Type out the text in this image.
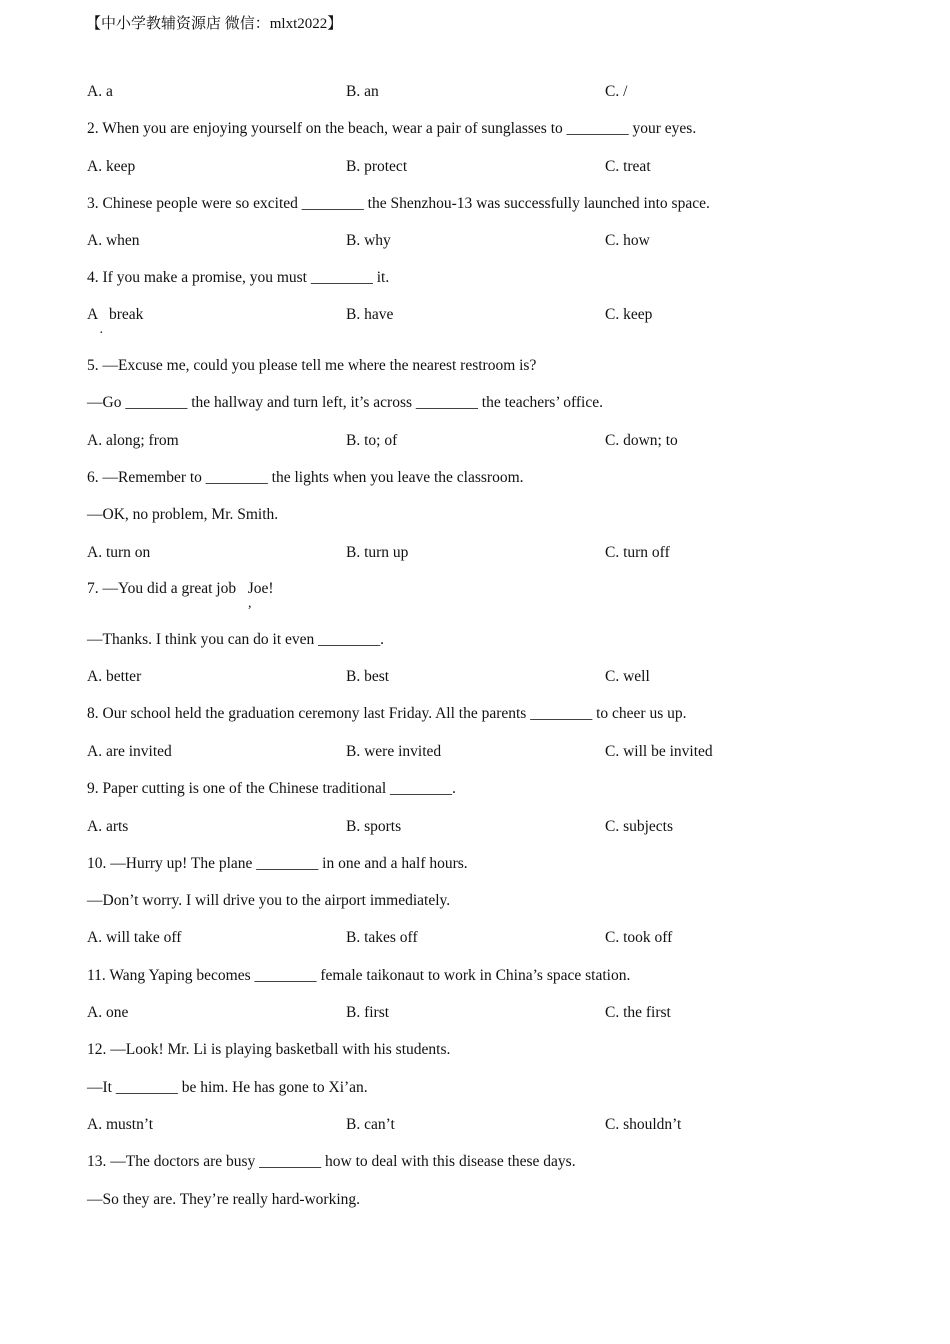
【中小学教辅资源店 微信：mlxt2022】
A. a	B. an	C. /
2. When you are enjoying yourself on the beach, wear a pair of sunglasses to ________ your eyes.
A. keep	B. protect	C. treat
3. Chinese people were so excited ________ the Shenzhou-13 was successfully launched into space.
A. when	B. why	C. how
4. If you make a promise, you must ________ it.
A   break	B. have	C. keep
·
5. —Excuse me, could you please tell me where the nearest restroom is?
—Go ________ the hallway and turn left, it’s across ________ the teachers’ office.
A. along; from	B. to; of	C. down; to
6. —Remember to ________ the lights when you leave the classroom.
—OK, no problem, Mr. Smith.
A. turn on	B. turn up	C. turn off
7. —You did a great job   Joe!
,
—Thanks. I think you can do it even ________.
A. better	B. best	C. well
8. Our school held the graduation ceremony last Friday. All the parents ________ to cheer us up.
A. are invited	B. were invited	C. will be invited
9. Paper cutting is one of the Chinese traditional ________.
A. arts	B. sports	C. subjects
10. —Hurry up! The plane ________ in one and a half hours.
—Don’t worry. I will drive you to the airport immediately.
A. will take off	B. takes off	C. took off
11. Wang Yaping becomes ________ female taikonaut to work in China’s space station.
A. one	B. first	C. the first
12. —Look! Mr. Li is playing basketball with his students.
—It ________ be him. He has gone to Xi’an.
A. mustn’t	B. can’t	C. shouldn’t
13. —The doctors are busy ________ how to deal with this disease these days.
—So they are. They’re really hard-working.
